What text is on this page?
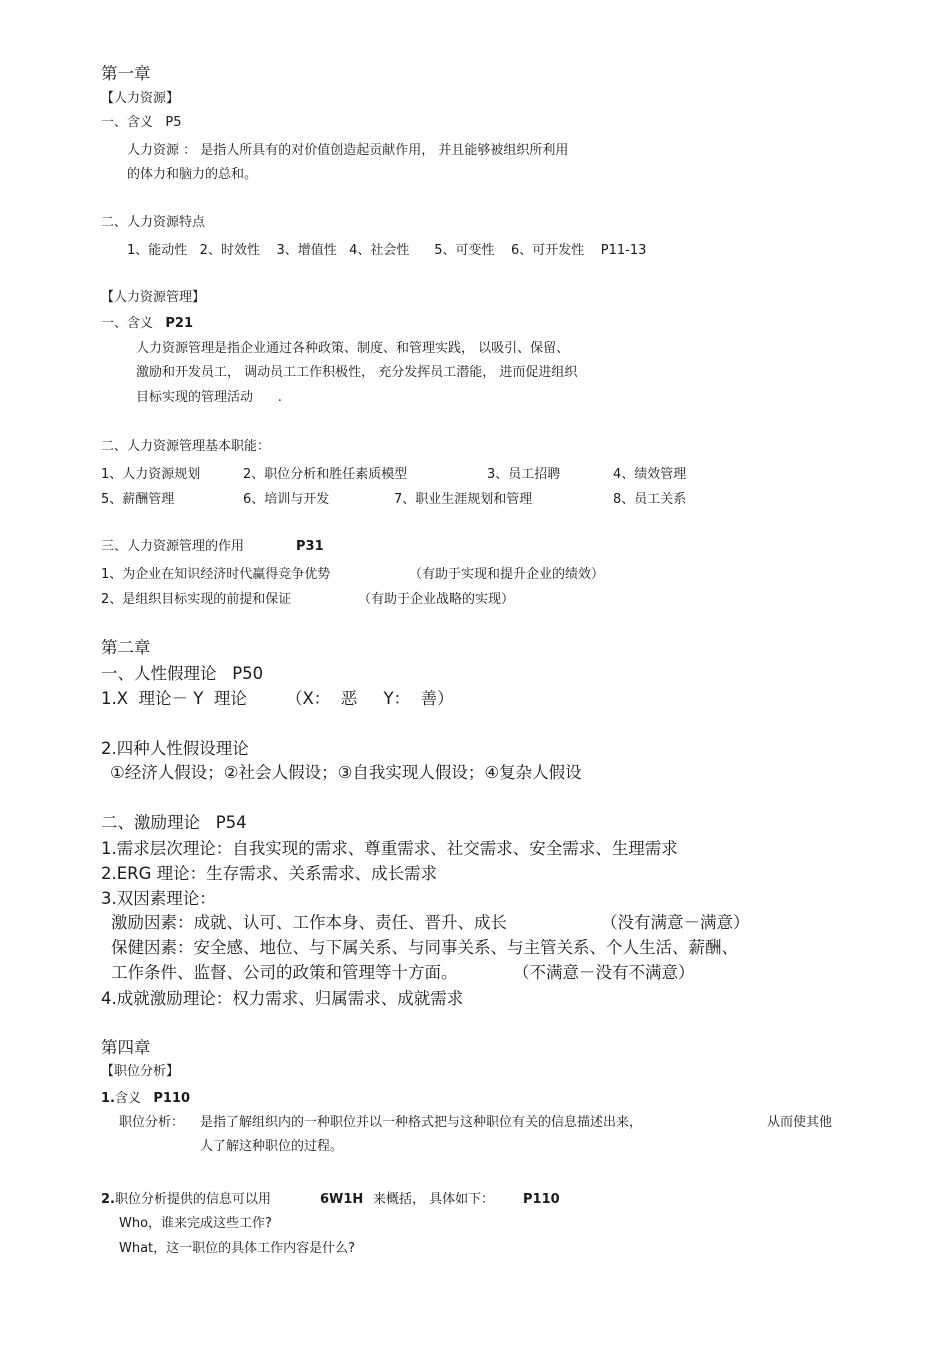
第一章
【人力资源】
一、含义   P5
人力资源 ： 是指人所具有的对价值创造起贡献作用， 并且能够被组织所利用
的体力和脑力的总和。
二、人力资源特点
1、能动性   2、时效性    3、增值性   4、社会性      5、可变性    6、可开发性    P11-13
【人力资源管理】
一、含义   P21
人力资源管理是指企业通过各种政策、制度、和管理实践， 以吸引、保留、
激励和开发员工， 调动员工工作积极性， 充分发挥员工潜能， 进而促进组织
目标实现的管理活动      .
二、人力资源管理基本职能：
1、人力资源规划	2、职位分析和胜任素质模型	3、员工招聘	4、绩效管理
5、薪酬管理	6、培训与开发	7、职业生涯规划和管理	8、员工关系
三、人力资源管理的作用	P31
1、为企业在知识经济时代赢得竞争优势	（有助于实现和提升企业的绩效）
2、是组织目标实现的前提和保证	（有助于企业战略的实现）
第二章
一、人性假理论   P50
1.X  理论－ Y  理论 （X：  恶     Y：  善）
2.四种人性假设理论
①经济人假设；②社会人假设；③自我实现人假设；④复杂人假设
二、激励理论   P54
1.需求层次理论：自我实现的需求、尊重需求、社交需求、安全需求、生理需求
2.ERG 理论：生存需求、关系需求、成长需求
3.双因素理论：
激励因素：成就、认可、工作本身、责任、晋升、成长	（没有满意－满意）
保健因素：安全感、地位、与下属关系、与同事关系、与主管关系、个人生活、薪酬、
工作条件、监督、公司的政策和管理等十方面。	（不满意－没有不满意）
4.成就激励理论：权力需求、归属需求、成就需求
第四章
【职位分析】
1.含义   P110
职位分析： 是指了解组织内的一种职位并以一种格式把与这种职位有关的信息描述出来，	从而使其他
人了解这种职位的过程。
2.职位分析提供的信息可以用	6W1H 来概括， 具体如下： P110
Who，谁来完成这些工作?
What，这一职位的具体工作内容是什么?
